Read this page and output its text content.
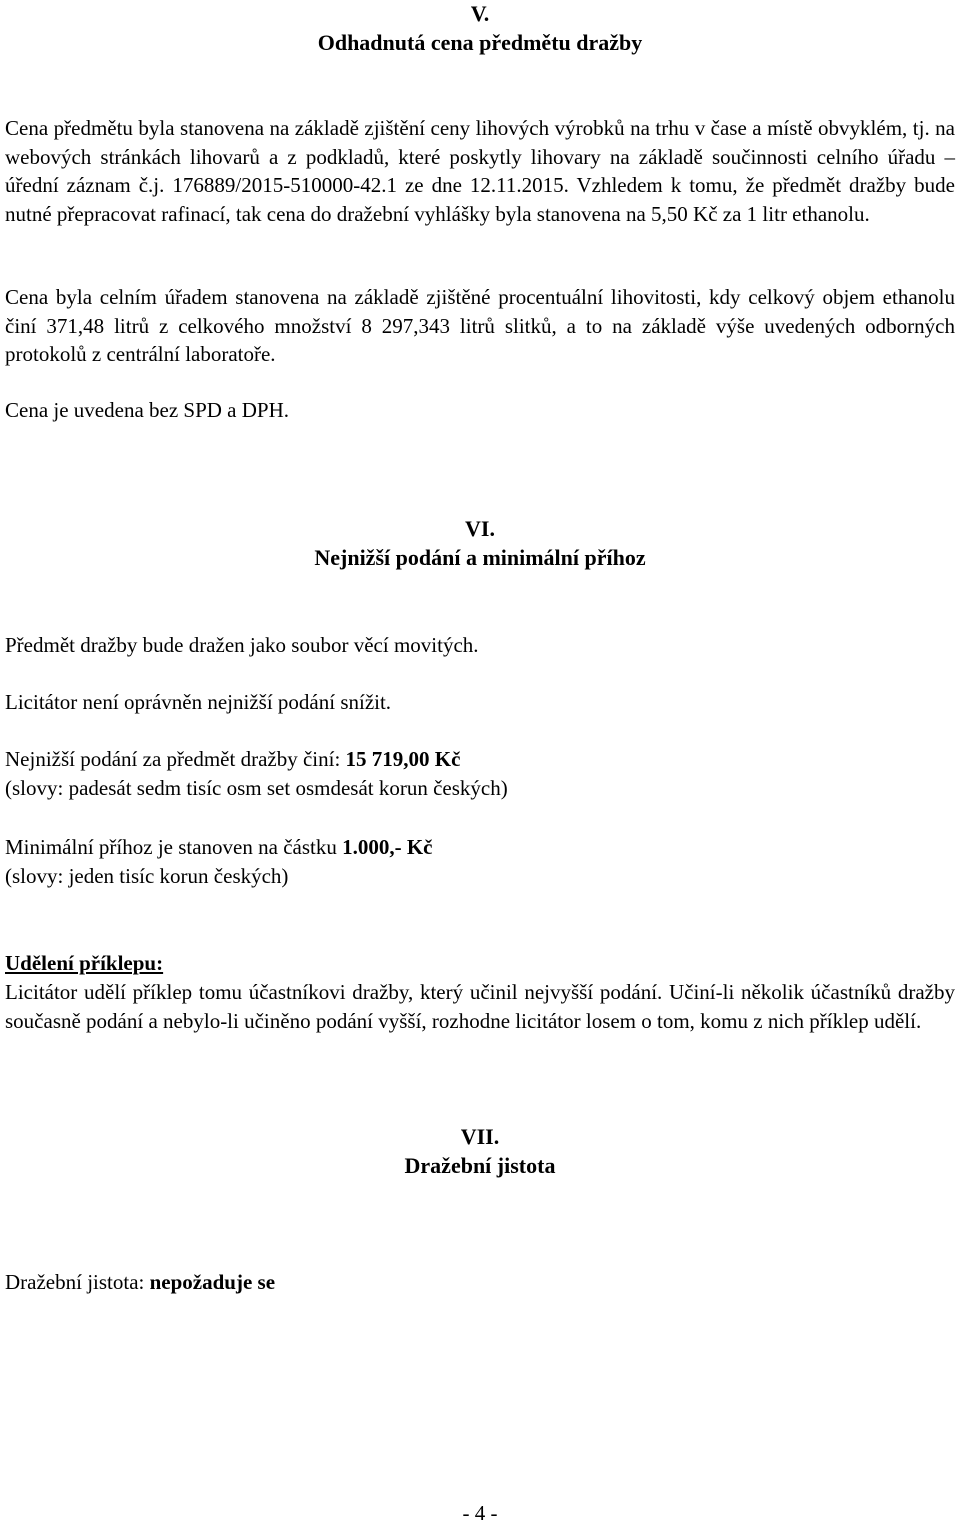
V.
Odhadnutá cena předmětu dražby

Cena předmětu byla stanovena na základě zjištění ceny lihových výrobků na trhu v čase a místě obvyklém, tj. na webových stránkách lihovarů a z podkladů, které poskytly lihovary na základě součinnosti celního úřadu – úřední záznam č.j. 176889/2015-510000-42.1 ze dne 12.11.2015. Vzhledem k tomu, že předmět dražby bude nutné přepracovat rafinací, tak cena do dražební vyhlášky byla stanovena na 5,50 Kč za 1 litr ethanolu.

Cena byla celním úřadem stanovena na základě zjištěné procentuální lihovitosti, kdy celkový objem ethanolu činí 371,48 litrů z celkového množství 8 297,343 litrů slitků, a to na základě výše uvedených odborných protokolů z centrální laboratoře.

Cena je uvedena bez SPD a DPH.

VI.
Nejnižší podání a minimální příhoz

Předmět dražby bude dražen jako soubor věcí movitých.

Licitátor není oprávněn nejnižší podání snížit.

Nejnižší podání za předmět dražby činí: 15 719,00 Kč

(slovy: padesát sedm tisíc osm set osmdesát korun českých)

Minimální příhoz je stanoven na částku 1.000,- Kč

(slovy: jeden tisíc korun českých)

Udělení příklepu:

Licitátor udělí příklep tomu účastníkovi dražby, který učinil nejvyšší podání. Učiní-li několik účastníků dražby současně podání a nebylo-li učiněno podání vyšší, rozhodne licitátor losem o tom, komu z nich příklep udělí.

VII.
Dražební jistota

Dražební jistota: nepožaduje se

- 4 -
